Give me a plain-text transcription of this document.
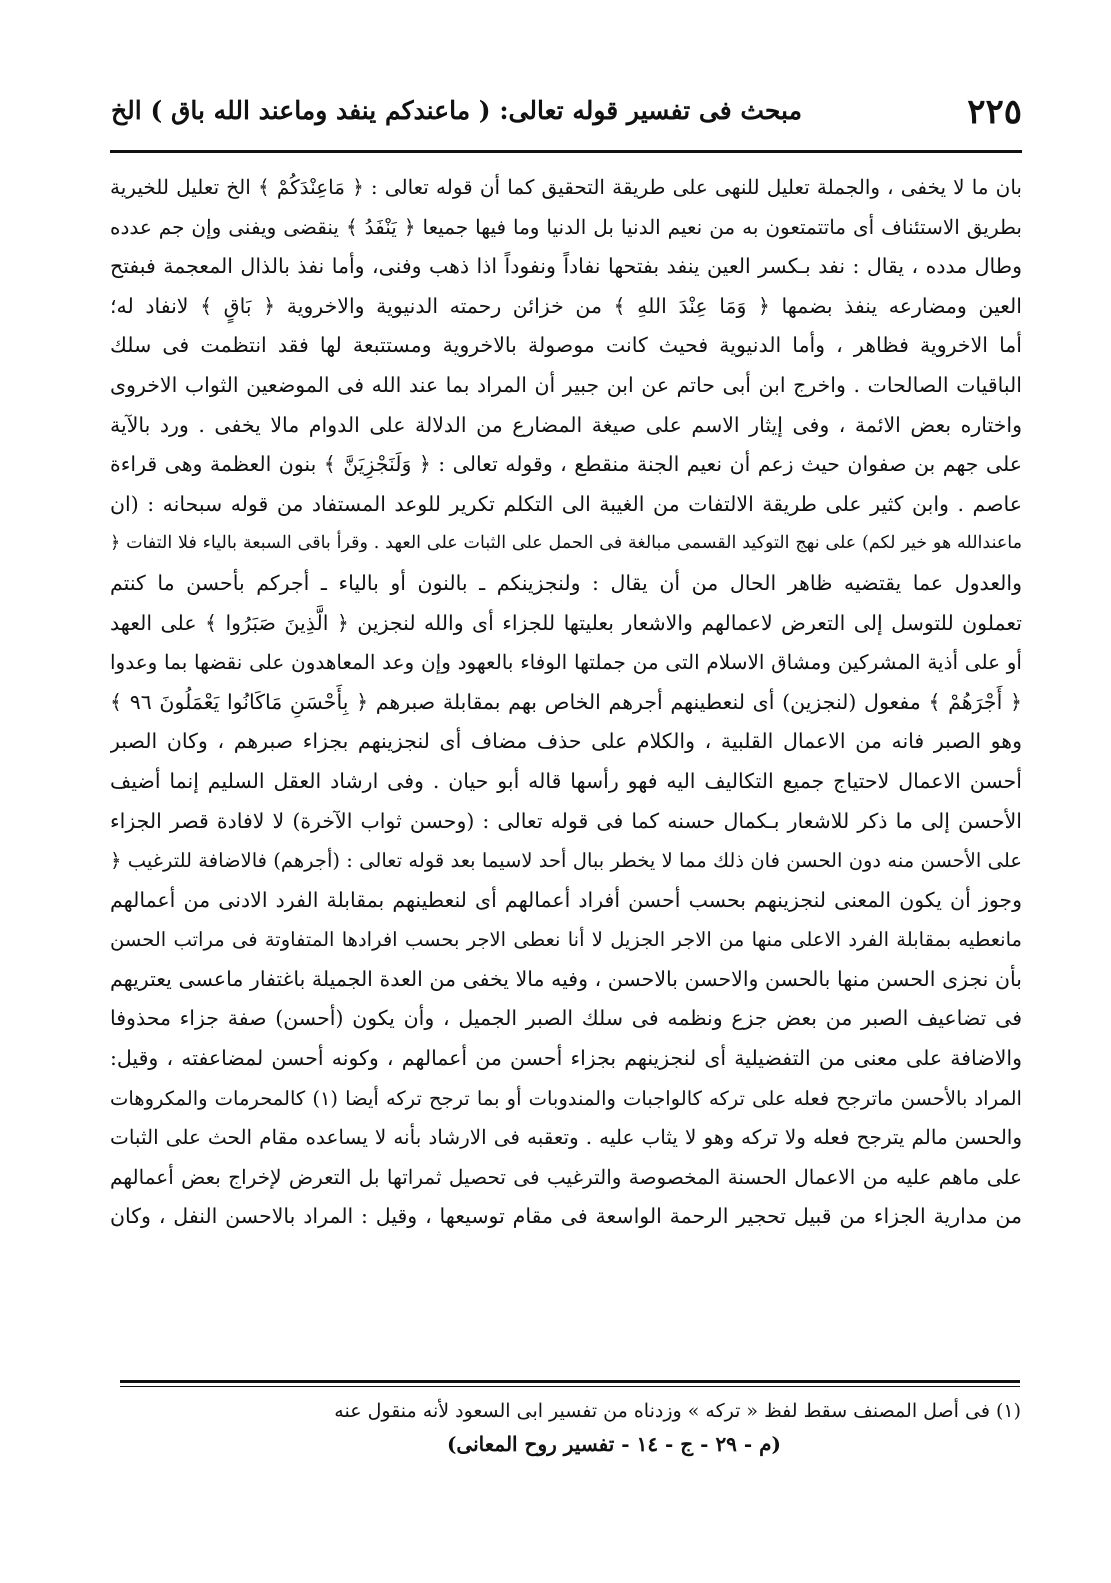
٢٢٥
مبحث فى تفسير قوله تعالى: ( ماعندكم ينفد وماعند الله باق ) الخ
بان ما لا يخفى ، والجملة تعليل للنهى على طريقة التحقيق كما أن قوله تعالى : ﴿ مَاعِنْدَكُمْ ﴾ الخ تعليل للخيرية
بطريق الاستئناف أى ماتتمتعون به من نعيم الدنيا بل الدنيا وما فيها جميعا ﴿ يَنْفَدُ ﴾ ينقضى ويفنى وإن جم عدده
وطال مدده ، يقال : نفد بـكسر العين ينفد بفتحها نفاداً ونفوداً اذا ذهب وفنى، وأما نفذ بالذال المعجمة فبفتح
العين ومضارعه ينفذ بضمها ﴿ وَمَا عِنْدَ اللهِ ﴾ من خزائن رحمته الدنيوية والاخروية ﴿ بَاقٍ ﴾ لانفاد له؛
أما الاخروية فظاهر ، وأما الدنيوية فحيث كانت موصولة بالاخروية ومستتبعة لها فقد انتظمت فى سلك
الباقيات الصالحات . واخرج ابن أبى حاتم عن ابن جبير أن المراد بما عند الله فى الموضعين الثواب الاخروى
واختاره بعض الائمة ، وفى إيثار الاسم على صيغة المضارع من الدلالة على الدوام مالا يخفى . ورد بالآية
على جهم بن صفوان حيث زعم أن نعيم الجنة منقطع ، وقوله تعالى : ﴿ وَلَنَجْزِيَنَّ ﴾ بنون العظمة وهى قراءة
عاصم . وابن كثير على طريقة الالتفات من الغيبة الى التكلم تكرير للوعد المستفاد من قوله سبحانه : (ان
ماعندالله هو خير لكم) على نهج التوكيد القسمى مبالغة فى الحمل على الثبات على العهد . وقرأ باقى السبعة بالياء فلا التفات ﴿
والعدول عما يقتضيه ظاهر الحال من أن يقال : ولنجزينكم ـ بالنون أو بالياء ـ أجركم بأحسن ما كنتم
تعملون للتوسل إلى التعرض لاعمالهم والاشعار بعليتها للجزاء أى والله لنجزين ﴿ الَّذِينَ صَبَرُوا ﴾ على العهد
أو على أذية المشركين ومشاق الاسلام التى من جملتها الوفاء بالعهود وإن وعد المعاهدون على نقضها بما وعدوا
﴿ أَجْرَهُمْ ﴾ مفعول (لنجزين) أى لنعطينهم أجرهم الخاص بهم بمقابلة صبرهم ﴿ بِأَحْسَنِ مَاكَانُوا يَعْمَلُونَ ٩٦ ﴾
وهو الصبر فانه من الاعمال القلبية ، والكلام على حذف مضاف أى لنجزينهم بجزاء صبرهم ، وكان الصبر
أحسن الاعمال لاحتياج جميع التكاليف اليه فهو رأسها قاله أبو حيان . وفى ارشاد العقل السليم إنما أضيف
الأحسن إلى ما ذكر للاشعار بـكمال حسنه كما فى قوله تعالى : (وحسن ثواب الآخرة) لا لافادة قصر الجزاء
على الأحسن منه دون الحسن فان ذلك مما لا يخطر ببال أحد لاسيما بعد قوله تعالى : (أجرهم) فالاضافة للترغيب ﴿
وجوز أن يكون المعنى لنجزينهم بحسب أحسن أفراد أعمالهم أى لنعطينهم بمقابلة الفرد الادنى من أعمالهم
مانعطيه بمقابلة الفرد الاعلى منها من الاجر الجزيل لا أنا نعطى الاجر بحسب افرادها المتفاوتة فى مراتب الحسن
بأن نجزى الحسن منها بالحسن والاحسن بالاحسن ، وفيه مالا يخفى من العدة الجميلة باغتفار ماعسى يعتريهم
فى تضاعيف الصبر من بعض جزع ونظمه فى سلك الصبر الجميل ، وأن يكون (أحسن) صفة جزاء محذوفا
والاضافة على معنى من التفضيلية أى لنجزينهم بجزاء أحسن من أعمالهم ، وكونه أحسن لمضاعفته ، وقيل:
المراد بالأحسن ماترجح فعله على تركه كالواجبات والمندوبات أو بما ترجح تركه أيضا (١) كالمحرمات والمكروهات
والحسن مالم يترجح فعله ولا تركه وهو لا يثاب عليه . وتعقبه فى الارشاد بأنه لا يساعده مقام الحث على الثبات
على ماهم عليه من الاعمال الحسنة المخصوصة والترغيب فى تحصيل ثمراتها بل التعرض لإخراج بعض أعمالهم
من مدارية الجزاء من قبيل تحجير الرحمة الواسعة فى مقام توسيعها ، وقيل : المراد بالاحسن النفل ، وكان
(١) فى أصل المصنف سقط لفظ « تركه » وزدناه من تفسير ابى السعود لأنه منقول عنه
(م - ٢٩ - ج - ١٤ - تفسير روح المعانى)
